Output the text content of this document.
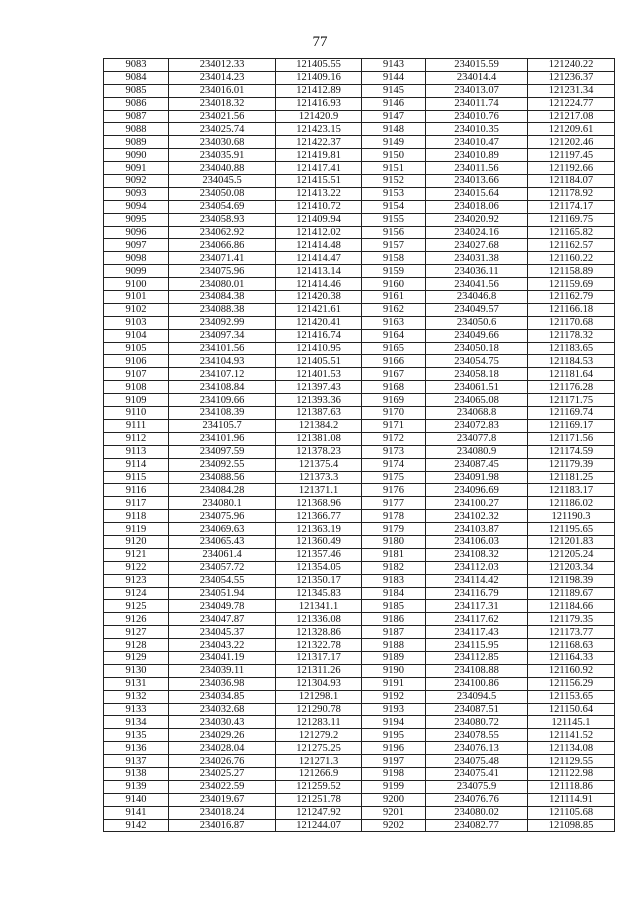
77
9083	234012.33	121405.55	9143	234015.59	121240.22
9084	234014.23	121409.16	9144	234014.4	121236.37
9085	234016.01	121412.89	9145	234013.07	121231.34
9086	234018.32	121416.93	9146	234011.74	121224.77
9087	234021.56	121420.9	9147	234010.76	121217.08
9088	234025.74	121423.15	9148	234010.35	121209.61
9089	234030.68	121422.37	9149	234010.47	121202.46
9090	234035.91	121419.81	9150	234010.89	121197.45
9091	234040.88	121417.41	9151	234011.56	121192.66
9092	234045.5	121415.51	9152	234013.66	121184.07
9093	234050.08	121413.22	9153	234015.64	121178.92
9094	234054.69	121410.72	9154	234018.06	121174.17
9095	234058.93	121409.94	9155	234020.92	121169.75
9096	234062.92	121412.02	9156	234024.16	121165.82
9097	234066.86	121414.48	9157	234027.68	121162.57
9098	234071.41	121414.47	9158	234031.38	121160.22
9099	234075.96	121413.14	9159	234036.11	121158.89
9100	234080.01	121414.46	9160	234041.56	121159.69
9101	234084.38	121420.38	9161	234046.8	121162.79
9102	234088.38	121421.61	9162	234049.57	121166.18
9103	234092.99	121420.41	9163	234050.6	121170.68
9104	234097.34	121416.74	9164	234049.66	121178.32
9105	234101.56	121410.95	9165	234050.18	121183.65
9106	234104.93	121405.51	9166	234054.75	121184.53
9107	234107.12	121401.53	9167	234058.18	121181.64
9108	234108.84	121397.43	9168	234061.51	121176.28
9109	234109.66	121393.36	9169	234065.08	121171.75
9110	234108.39	121387.63	9170	234068.8	121169.74
9111	234105.7	121384.2	9171	234072.83	121169.17
9112	234101.96	121381.08	9172	234077.8	121171.56
9113	234097.59	121378.23	9173	234080.9	121174.59
9114	234092.55	121375.4	9174	234087.45	121179.39
9115	234088.56	121373.3	9175	234091.98	121181.25
9116	234084.28	121371.1	9176	234096.69	121183.17
9117	234080.1	121368.96	9177	234100.27	121186.02
9118	234075.96	121366.77	9178	234102.32	121190.3
9119	234069.63	121363.19	9179	234103.87	121195.65
9120	234065.43	121360.49	9180	234106.03	121201.83
9121	234061.4	121357.46	9181	234108.32	121205.24
9122	234057.72	121354.05	9182	234112.03	121203.34
9123	234054.55	121350.17	9183	234114.42	121198.39
9124	234051.94	121345.83	9184	234116.79	121189.67
9125	234049.78	121341.1	9185	234117.31	121184.66
9126	234047.87	121336.08	9186	234117.62	121179.35
9127	234045.37	121328.86	9187	234117.43	121173.77
9128	234043.22	121322.78	9188	234115.95	121168.63
9129	234041.19	121317.17	9189	234112.85	121164.33
9130	234039.11	121311.26	9190	234108.88	121160.92
9131	234036.98	121304.93	9191	234100.86	121156.29
9132	234034.85	121298.1	9192	234094.5	121153.65
9133	234032.68	121290.78	9193	234087.51	121150.64
9134	234030.43	121283.11	9194	234080.72	121145.1
9135	234029.26	121279.2	9195	234078.55	121141.52
9136	234028.04	121275.25	9196	234076.13	121134.08
9137	234026.76	121271.3	9197	234075.48	121129.55
9138	234025.27	121266.9	9198	234075.41	121122.98
9139	234022.59	121259.52	9199	234075.9	121118.86
9140	234019.67	121251.78	9200	234076.76	121114.91
9141	234018.24	121247.92	9201	234080.02	121105.68
9142	234016.87	121244.07	9202	234082.77	121098.85
